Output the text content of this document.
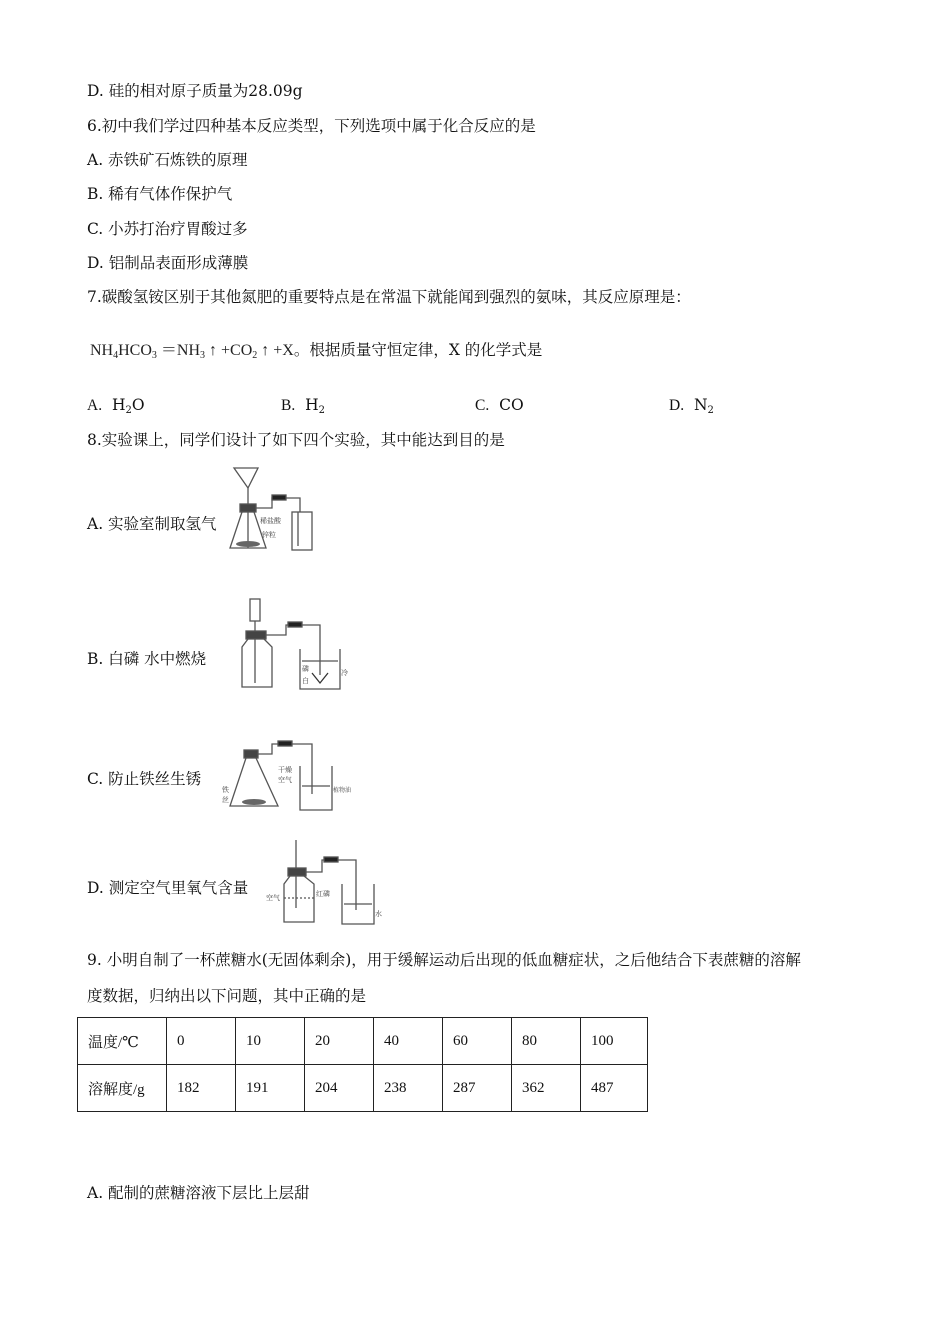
D. 硅的相对原子质量为28.09g
6.初中我们学过四种基本反应类型，下列选项中属于化合反应的是
A. 赤铁矿石炼铁的原理
B. 稀有气体作保护气
C. 小苏打治疗胃酸过多
D. 铝制品表面形成薄膜
7.碳酸氢铵区别于其他氮肥的重要特点是在常温下就能闻到强烈的氨味，其反应原理是：
$NH_4HCO_3 =NH_3$ ↑ $+CO_2$ ↑ +X。根据质量守恒定律，X 的化学式是
A. $H_2O$	B. $H_2$	C. CO	D. $N_2$
8.实验课上，同学们设计了如下四个实验，其中能达到目的是
A. 实验室制取氢气	稀盐酸
锌粒
B. 白磷 水中燃烧
白
磷	冷
C. 防止铁丝生锈
铁
丝
干燥
空气
植物油
D. 测定空气里氧气含量
空气	红磷
水
9. 小明自制了一杯蔗糖水(无固体剩余)，用于缓解运动后出现的低血糖症状，之后他结合下表蔗糖的溶解
度数据，归纳出以下问题，其中正确的是
温度/℃	0	10	20	40	60	80	100
溶解度/g	182	191	204	238	287	362	487
A. 配制的蔗糖溶液下层比上层甜
